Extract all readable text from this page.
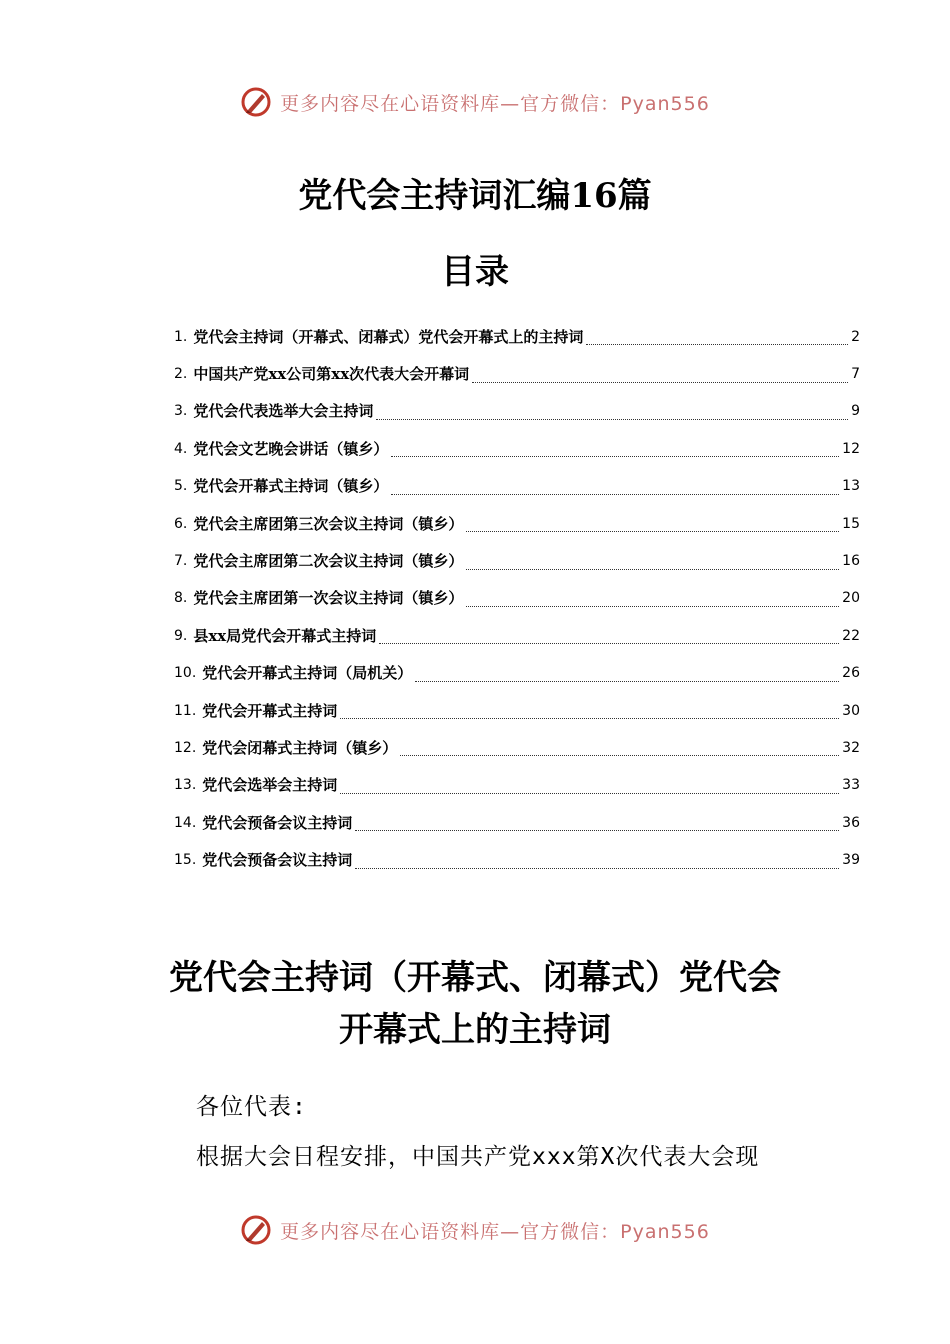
更多内容尽在心语资料库—官方微信：Pyan556
党代会主持词汇编16篇
目录
1. 党代会主持词（开幕式、闭幕式）党代会开幕式上的主持词	2
2. 中国共产党xx公司第xx次代表大会开幕词	7
3. 党代会代表选举大会主持词	9
4. 党代会文艺晚会讲话（镇乡）	12
5. 党代会开幕式主持词（镇乡）	13
6. 党代会主席团第三次会议主持词（镇乡）	15
7. 党代会主席团第二次会议主持词（镇乡）	16
8. 党代会主席团第一次会议主持词（镇乡）	20
9. 县xx局党代会开幕式主持词	22
10. 党代会开幕式主持词（局机关）	26
11. 党代会开幕式主持词	30
12. 党代会闭幕式主持词（镇乡）	32
13. 党代会选举会主持词	33
14. 党代会预备会议主持词	36
15. 党代会预备会议主持词	39
党代会主持词（开幕式、闭幕式）党代会
开幕式上的主持词

各位代表:

根据大会日程安排，中国共产党xxx第X次代表大会现

更多内容尽在心语资料库—官方微信：Pyan556
